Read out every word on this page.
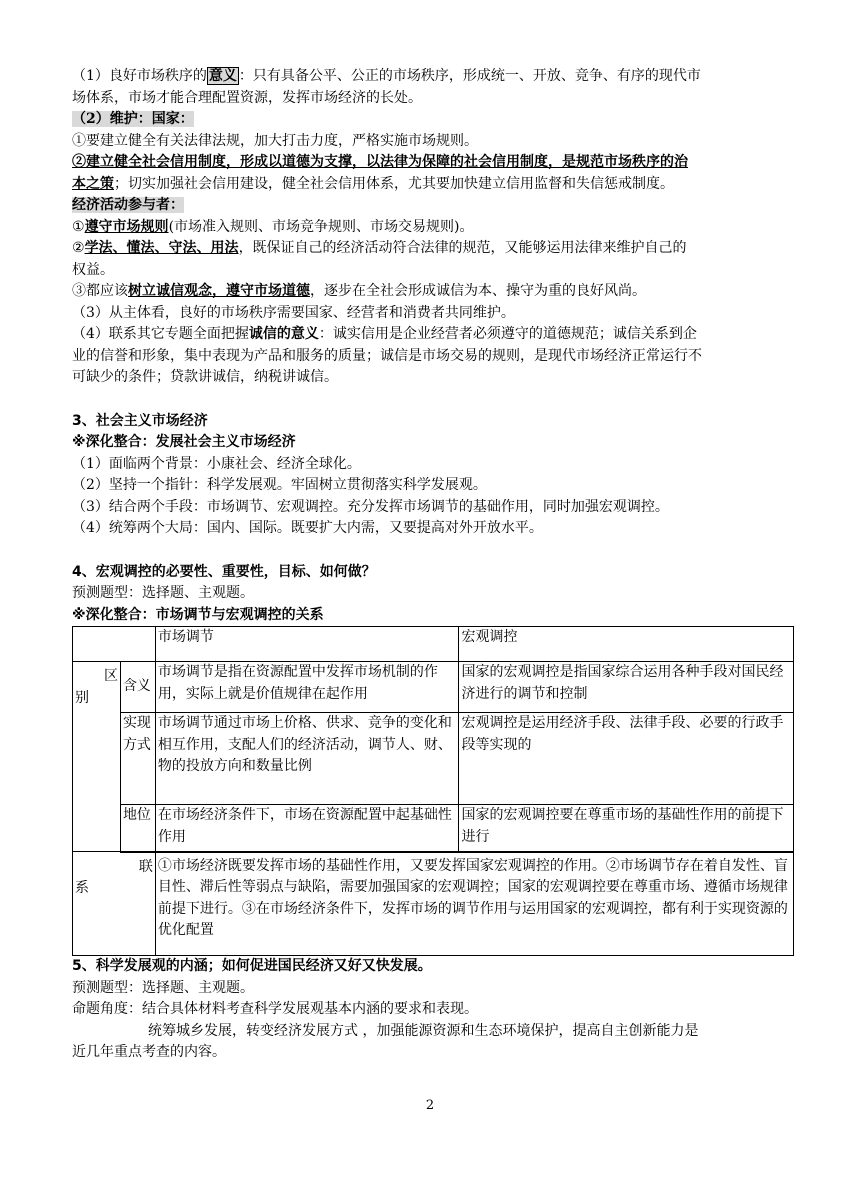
（1）良好市场秩序的 意义 ：只有具备公平、公正的市场秩序，形成统一、开放、竞争、有序的现代市
场体系，市场才能合理配置资源，发挥市场经济的长处。
（2）维护：国家：
①要建立健全有关法律法规，加大打击力度，严格实施市场规则。
②建立健全社会信用制度，形成以道德为支撑，以法律为保障的社会信用制度，是规范市场秩序的治
本之策；切实加强社会信用建设，健全社会信用体系，尤其要加快建立信用监督和失信惩戒制度。
经济活动参与者：
①遵守市场规则(市场准入规则、市场竞争规则、市场交易规则)。
②学法、懂法、守法、用法，既保证自己的经济活动符合法律的规范，又能够运用法律来维护自己的
权益。
③都应该树立诚信观念，遵守市场道德，逐步在全社会形成诚信为本、操守为重的良好风尚。
（3）从主体看，良好的市场秩序需要国家、经营者和消费者共同维护。
（4）联系其它专题全面把握诚信的意义：诚实信用是企业经营者必须遵守的道德规范；诚信关系到企
业的信誉和形象，集中表现为产品和服务的质量；诚信是市场交易的规则，是现代市场经济正常运行不
可缺少的条件；贷款讲诚信，纳税讲诚信。
3、社会主义市场经济
※深化整合：发展社会主义市场经济
（1）面临两个背景：小康社会、经济全球化。
（2）坚持一个指针：科学发展观。牢固树立贯彻落实科学发展观。
（3）结合两个手段：市场调节、宏观调控。充分发挥市场调节的基础作用，同时加强宏观调控。
（4）统筹两个大局：国内、国际。既要扩大内需，又要提高对外开放水平。
4、宏观调控的必要性、重要性，目标、如何做？
预测题型：选择题、主观题。
※深化整合：市场调节与宏观调控的关系
		市场调节	宏观调控

区
别	含义	市场调节是指在资源配置中发挥市场机制的作用，实际上就是价值规律在起作用	国家的宏观调控是指国家综合运用各种手段对国民经济进行的调节和控制
	实现方式	市场调节通过市场上价格、供求、竞争的变化和相互作用，支配人们的经济活动，调节人、财、物的投放方向和数量比例	宏观调控是运用经济手段、法律手段、必要的行政手段等实现的
	地位	在市场经济条件下，市场在资源配置中起基础性作用	国家的宏观调控要在尊重市场的基础性作用的前提下进行

联
系		①市场经济既要发挥市场的基础性作用，又要发挥国家宏观调控的作用。②市场调节存在着自发性、盲目性、滞后性等弱点与缺陷，需要加强国家的宏观调控；国家的宏观调控要在尊重市场、遵循市场规律前提下进行。③在市场经济条件下，发挥市场的调节作用与运用国家的宏观调控，都有利于实现资源的优化配置	
5、科学发展观的内涵；如何促进国民经济又好又快发展。
预测题型：选择题、主观题。
命题角度：结合具体材料考查科学发展观基本内涵的要求和表现。
统筹城乡发展，转变经济发展方式 ，加强能源资源和生态环境保护，提高自主创新能力是
近几年重点考查的内容。
2
